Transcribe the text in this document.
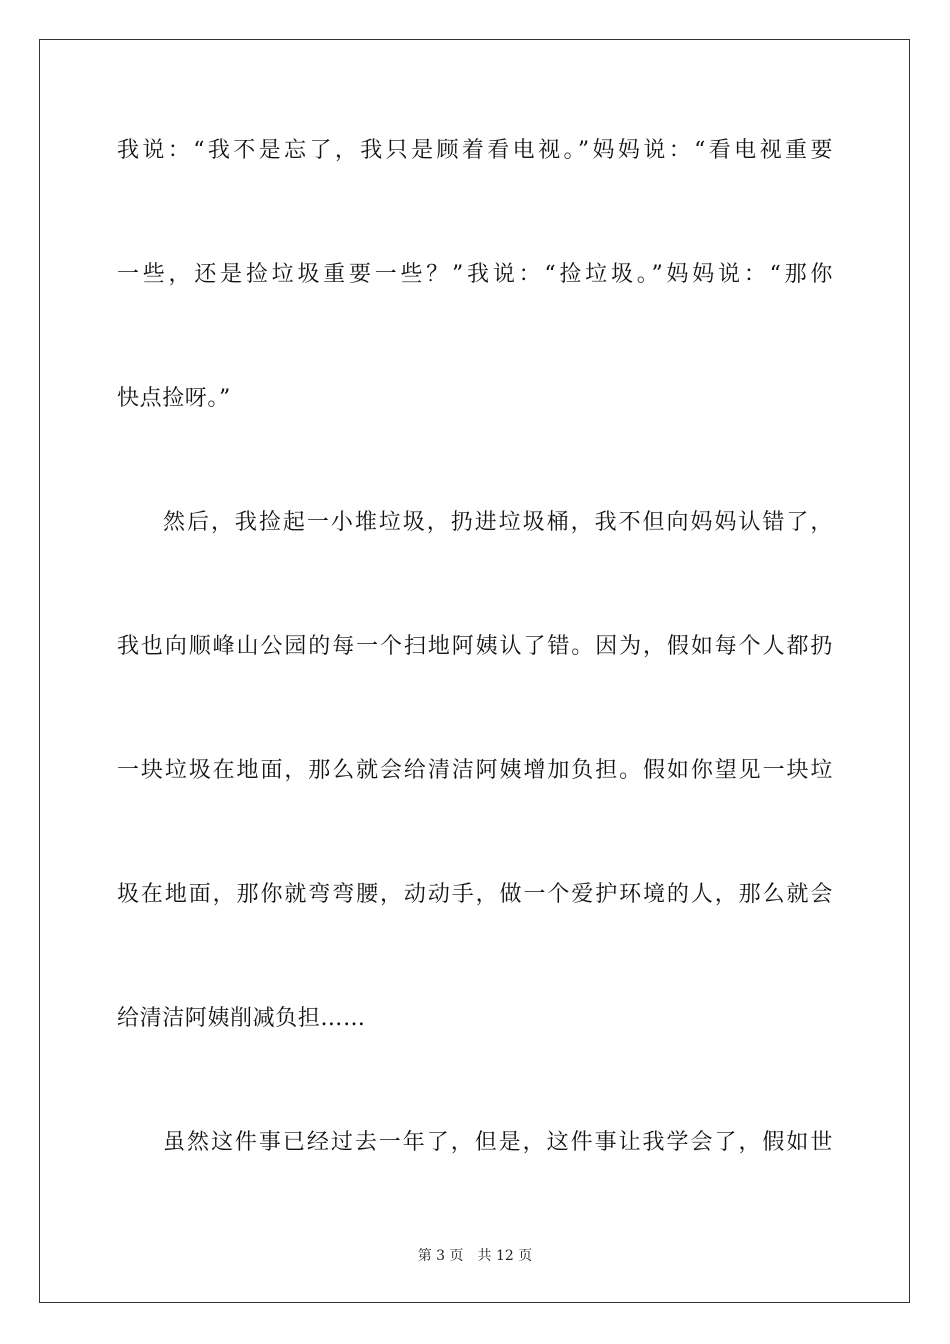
我说：“我不是忘了，我只是顾着看电视。”妈妈说：“看电视重要
一些，还是捡垃圾重要一些？”我说：“捡垃圾。”妈妈说：“那你
快点捡呀。”
然后，我捡起一小堆垃圾，扔进垃圾桶，我不但向妈妈认错了，
我也向顺峰山公园的每一个扫地阿姨认了错。因为，假如每个人都扔
一块垃圾在地面，那么就会给清洁阿姨增加负担。假如你望见一块垃
圾在地面，那你就弯弯腰，动动手，做一个爱护环境的人，那么就会
给清洁阿姨削减负担……
虽然这件事已经过去一年了，但是，这件事让我学会了，假如世
第 3 页 共 12 页
